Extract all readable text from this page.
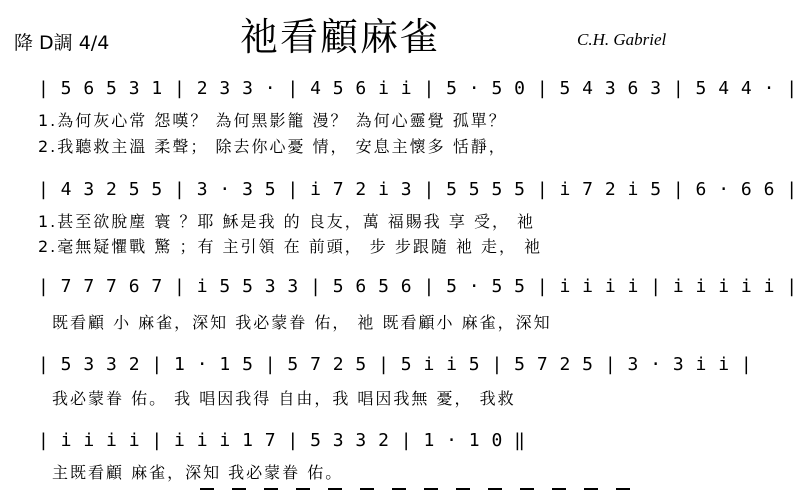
降 D調 4/4	祂看顧麻雀	C.H. Gabriel
| 5 6 5 3 1 | 2 3 3 · | 4 5 6 i i | 5 · 5 0 | 5 4 3 6 3 | 5 4 4 · |
1.為何灰心常 怨嘆？ 為何黑影籠 漫？ 為何心靈覺 孤單？
2.我聽救主溫 柔聲； 除去你心憂 情， 安息主懷多 恬靜，
| 4 3 2 5 5 | 3 · 3 5 | i 7 2 i 3 | 5 5 5 5 | i 7 2 i 5 | 6 · 6 6 |
1.甚至欲脫塵 寰 ？耶 穌是我 的 良友，萬 福賜我 享 受， 祂
2.毫無疑懼戰 驚 ；有 主引領 在 前頭， 步 步跟隨 祂 走， 祂
| 7 7 7 6 7 | i 5 5 3 3 | 5 6 5 6 | 5 · 5 5 | i i i i | i i i i i |
既看顧 小 麻雀，深知 我必蒙眷 佑， 祂 既看顧小 麻雀，深知
| 5 3 3 2 | 1 · 1 5 | 5 7 2 5 | 5 i i 5 | 5 7 2 5 | 3 · 3 i i |
我必蒙眷 佑。 我 唱因我得 自由，我 唱因我無 憂， 我救
| i i i i | i i i 1 7 | 5 3 3 2 | 1 · 1 0 ‖
主既看顧 麻雀，深知 我必蒙眷 佑。
